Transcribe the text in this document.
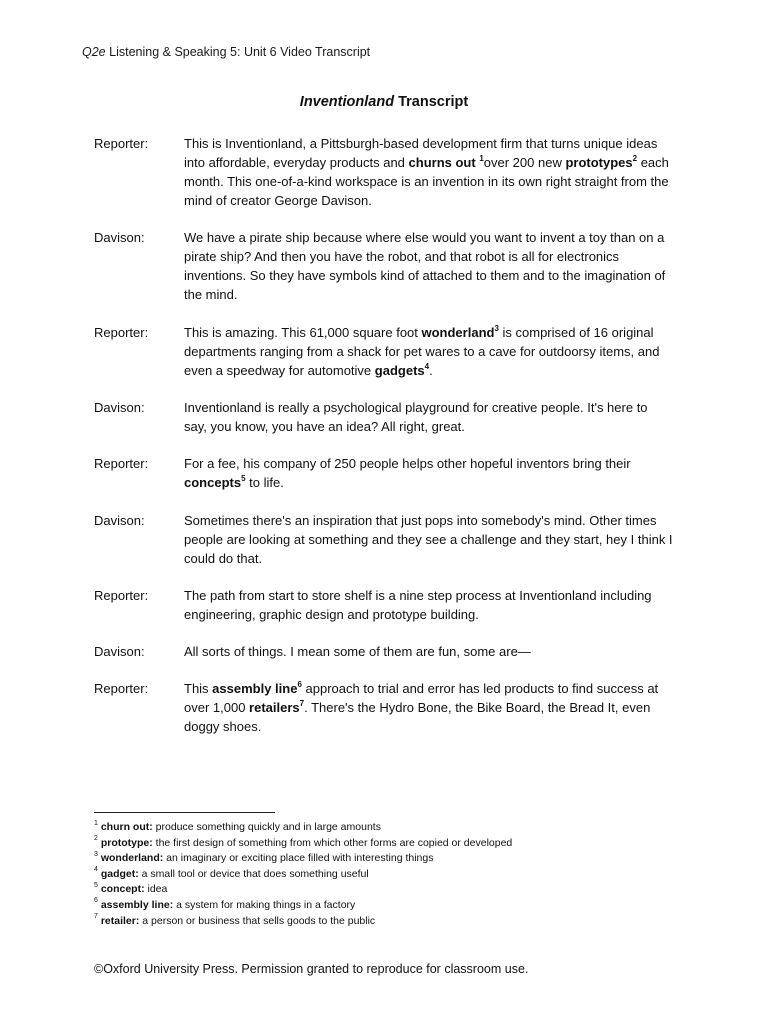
Q2e Listening & Speaking 5: Unit 6 Video Transcript
Inventionland Transcript
Reporter:	This is Inventionland, a Pittsburgh-based development firm that turns unique ideas into affordable, everyday products and churns out $^1$over 200 new prototypes$^2$ each month. This one-of-a-kind workspace is an invention in its own right straight from the mind of creator George Davison.
Davison:	We have a pirate ship because where else would you want to invent a toy than on a pirate ship? And then you have the robot, and that robot is all for electronics inventions. So they have symbols kind of attached to them and to the imagination of the mind.
Reporter:	This is amazing. This 61,000 square foot wonderland$^3$ is comprised of 16 original departments ranging from a shack for pet wares to a cave for outdoorsy items, and even a speedway for automotive gadgets$^4$.
Davison:	Inventionland is really a psychological playground for creative people. It's here to say, you know, you have an idea? All right, great.
Reporter:	For a fee, his company of 250 people helps other hopeful inventors bring their concepts$^5$ to life.
Davison:	Sometimes there's an inspiration that just pops into somebody's mind. Other times people are looking at something and they see a challenge and they start, hey I think I could do that.
Reporter:	The path from start to store shelf is a nine step process at Inventionland including engineering, graphic design and prototype building.
Davison:	All sorts of things. I mean some of them are fun, some are—
Reporter:	This assembly line$^6$ approach to trial and error has led products to find success at over 1,000 retailers$^7$. There's the Hydro Bone, the Bike Board, the Bread It, even doggy shoes.
$^1$ churn out: produce something quickly and in large amounts
$^2$ prototype: the first design of something from which other forms are copied or developed
$^3$ wonderland: an imaginary or exciting place filled with interesting things
$^4$ gadget: a small tool or device that does something useful
$^5$ concept: idea
$^6$ assembly line: a system for making things in a factory
$^7$ retailer: a person or business that sells goods to the public
©Oxford University Press. Permission granted to reproduce for classroom use.
